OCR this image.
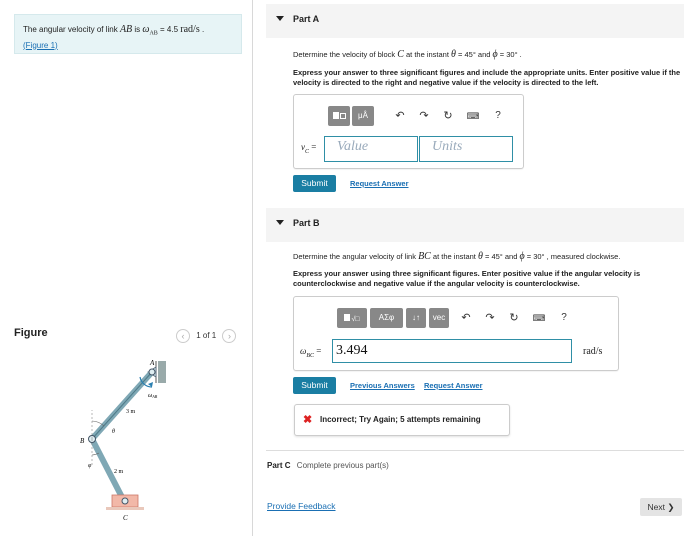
The angular velocity of link AB is $\omega_{AB} = 4.5$ rad/s .
(Figure 1)
Figure	‹ 1 of 1 ›
A
B
C
ωAB
3 m
2 m
θ
φ
Part A
Determine the velocity of block C at the instant θ = 45° and ϕ = 30° .
Express your answer to three significant figures and include the appropriate units. Enter positive value if the velocity is directed to the right and negative value if the velocity is directed to the left.
μÅ	↶ ↷ ↻ ⌨	?
$v_C$ = Value	Units
Submit	Request Answer
Part B
Determine the angular velocity of link BC at the instant θ = 45° and ϕ = 30° , measured clockwise.
Express your answer using three significant figures. Enter positive value if the angular velocity is counterclockwise and negative value if the angular velocity is counterclockwise.
√□	ΑΣφ	↓↑	vec	↶ ↷ ↻ ⌨	?
$\omega_{BC} = 3.494$	rad/s
Submit	Previous Answers Request Answer
✖ Incorrect; Try Again; 5 attempts remaining
Part C Complete previous part(s)
Provide Feedback	Next ❯
